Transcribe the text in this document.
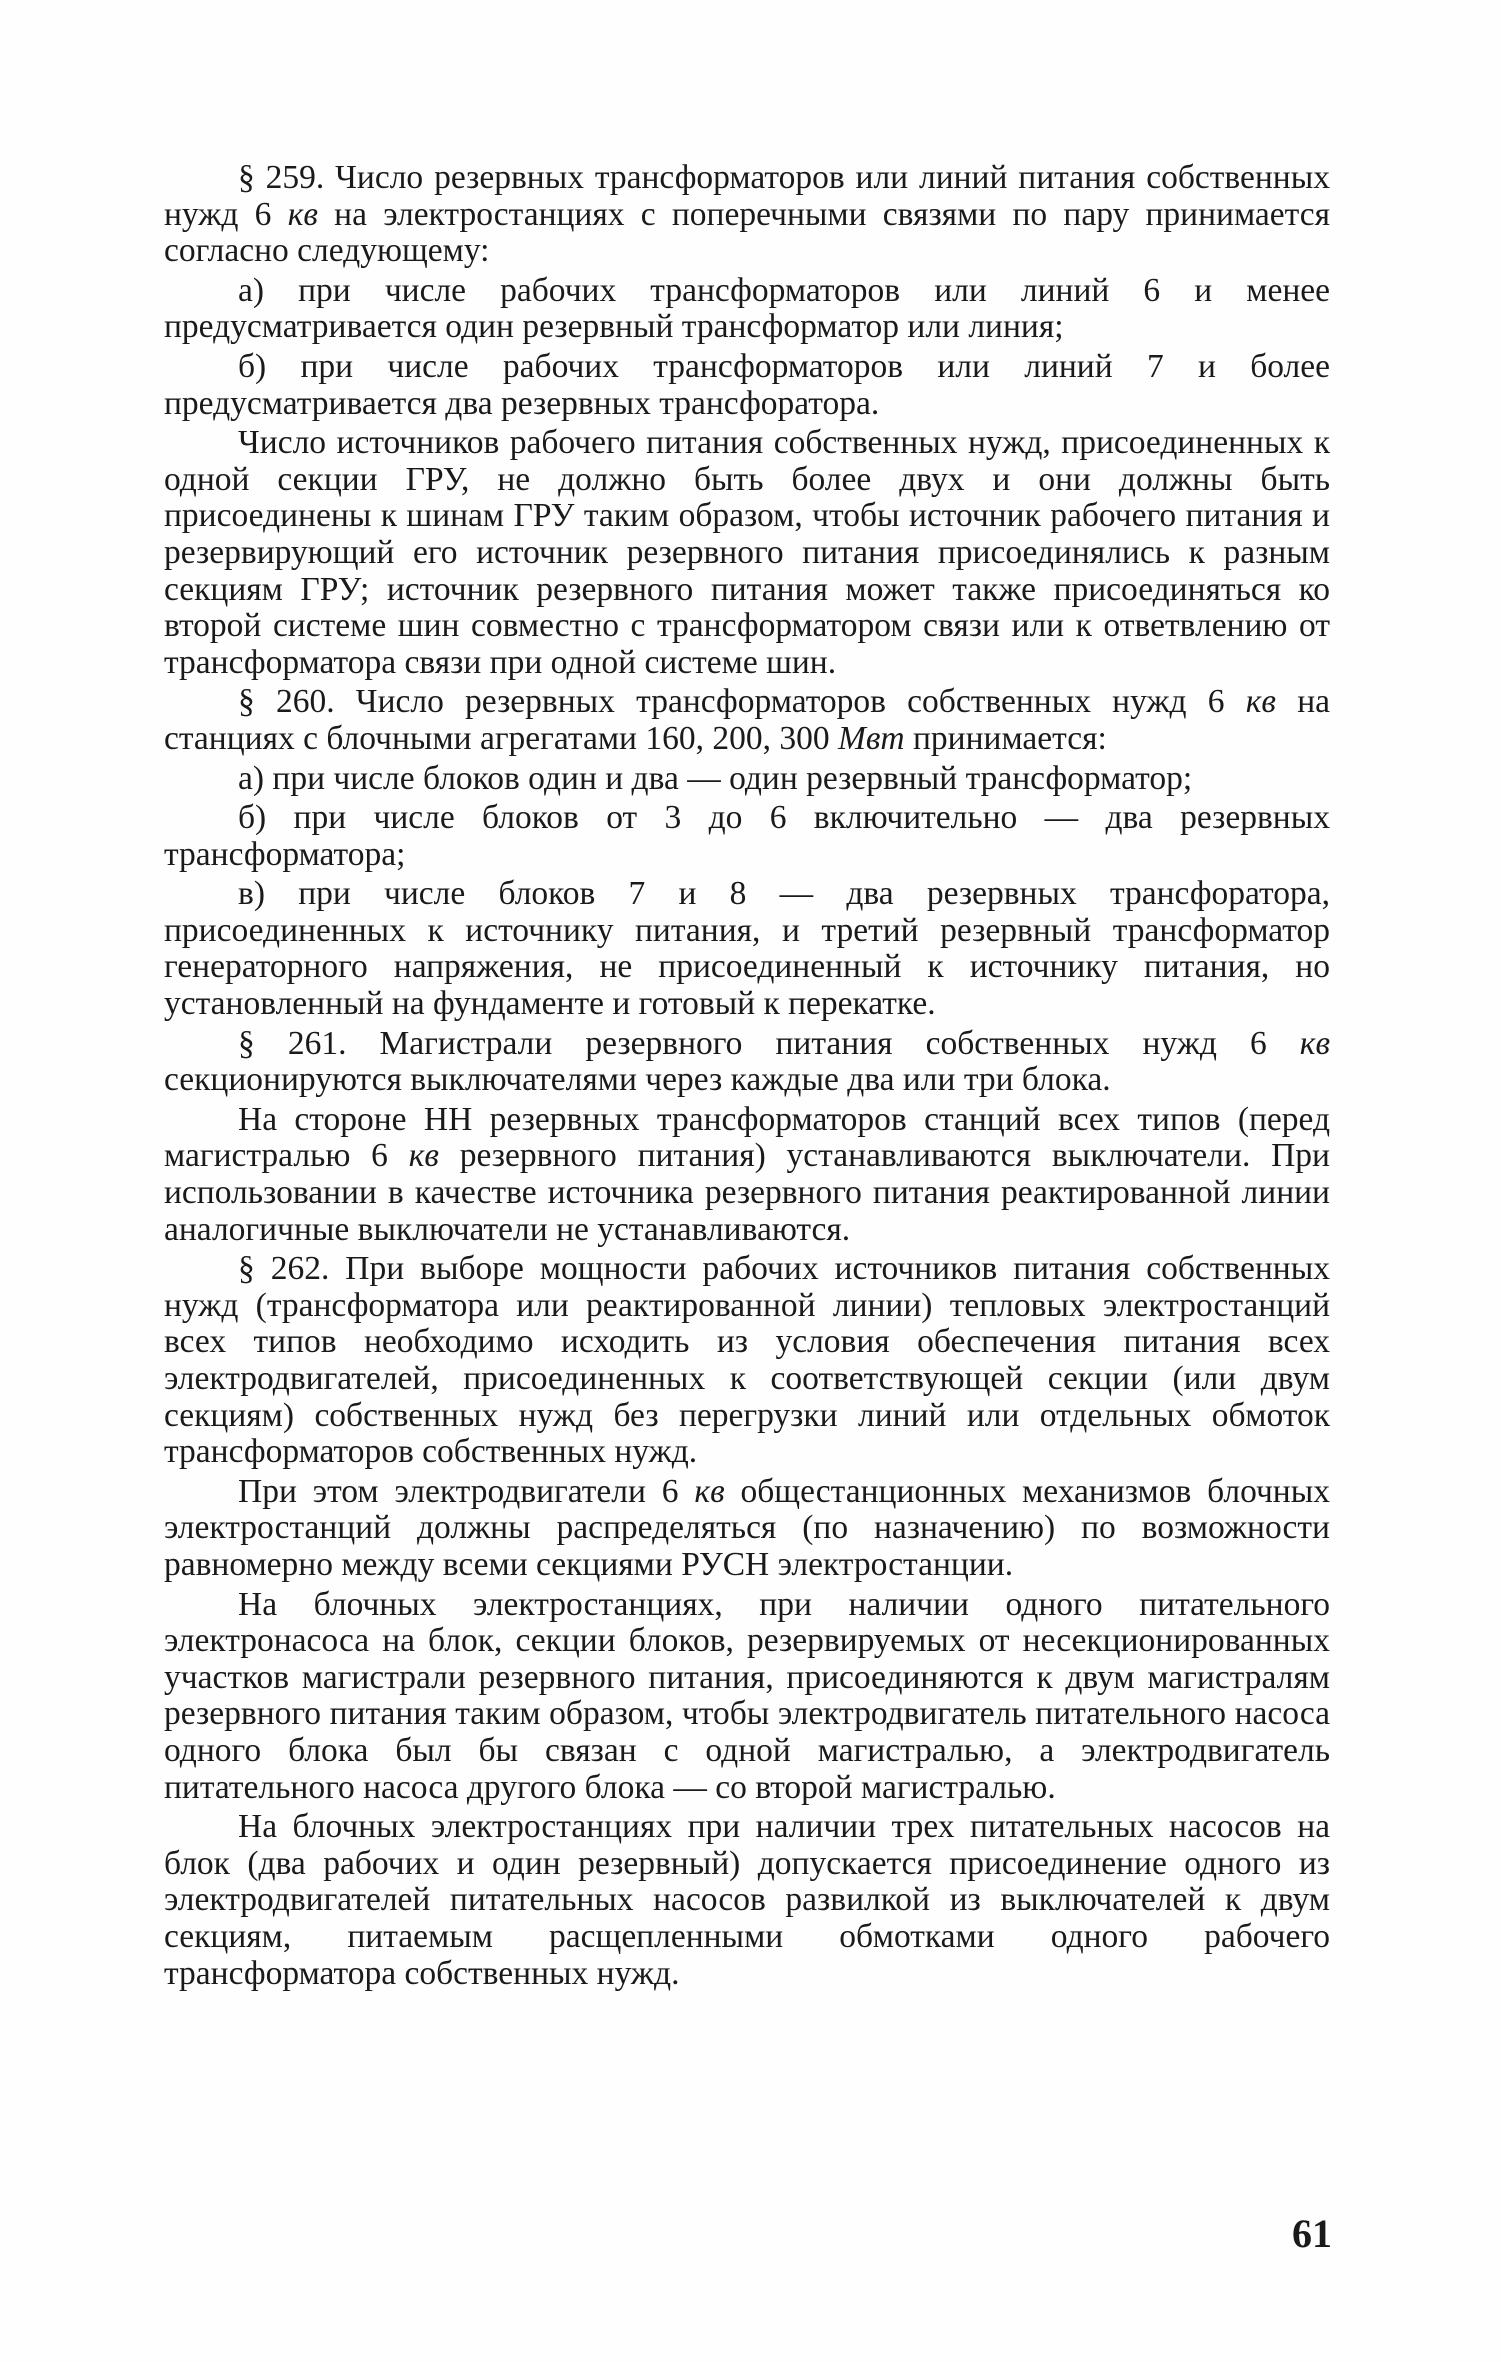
§ 259. Число резервных трансформаторов или линий питания собственных нужд 6 кв на электростанциях с поперечными связями по пару принимается согласно следующему:

а) при числе рабочих трансформаторов или линий 6 и менее предусматривается один резервный трансформатор или линия;

б) при числе рабочих трансформаторов или линий 7 и более предусматривается два резервных трансфоратора.

Число источников рабочего питания собственных нужд, присоединенных к одной секции ГРУ, не должно быть более двух и они должны быть присоединены к шинам ГРУ таким образом, чтобы источник рабочего питания и резервирующий его источник резервного питания присоединялись к разным секциям ГРУ; источник резервного питания может также присоединяться ко второй системе шин совместно с трансформатором связи или к ответвлению от трансформатора связи при одной системе шин.

§ 260. Число резервных трансформаторов собственных нужд 6 кв на станциях с блочными агрегатами 160, 200, 300 Мвт принимается:

а) при числе блоков один и два — один резервный трансформатор;

б) при числе блоков от 3 до 6 включительно — два резервных трансформатора;

в) при числе блоков 7 и 8 — два резервных трансфоратора, присоединенных к источнику питания, и третий резервный трансформатор генераторного напряжения, не присоединенный к источнику питания, но установленный на фундаменте и готовый к перекатке.

§ 261. Магистрали резервного питания собственных нужд 6 кв секционируются выключателями через каждые два или три блока.

На стороне НН резервных трансформаторов станций всех типов (перед магистралью 6 кв резервного питания) устанавливаются выключатели. При использовании в качестве источника резервного питания реактированной линии аналогичные выключатели не устанавливаются.

§ 262. При выборе мощности рабочих источников питания собственных нужд (трансформатора или реактированной линии) тепловых электростанций всех типов необходимо исходить из условия обеспечения питания всех электродвигателей, присоединенных к соответствующей секции (или двум секциям) собственных нужд без перегрузки линий или отдельных обмоток трансформаторов собственных нужд.

При этом электродвигатели 6 кв общестанционных механизмов блочных электростанций должны распределяться (по назначению) по возможности равномерно между всеми секциями РУСН электростанции.

На блочных электростанциях, при наличии одного питательного электронасоса на блок, секции блоков, резервируемых от несекционированных участков магистрали резервного питания, присоединяются к двум магистралям резервного питания таким образом, чтобы электродвигатель питательного насоса одного блока был бы связан с одной магистралью, а электродвигатель питательного насоса другого блока — со второй магистралью.

На блочных электростанциях при наличии трех питательных насосов на блок (два рабочих и один резервный) допускается присоединение одного из электродвигателей питательных насосов развилкой из выключателей к двум секциям, питаемым расщепленными обмотками одного рабочего трансформатора собственных нужд.

61
